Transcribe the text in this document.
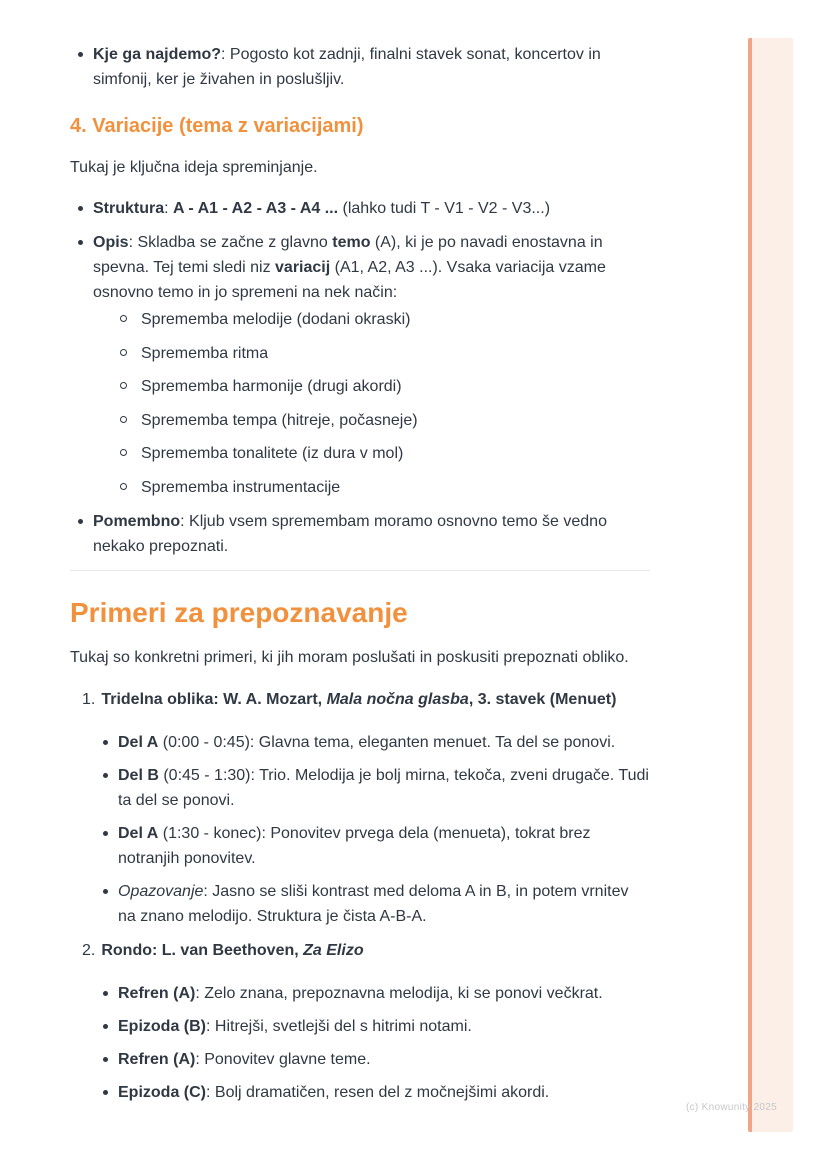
(c) Knowunity 2025
Kje ga najdemo?: Pogosto kot zadnji, finalni stavek sonat, koncertov in simfonij, ker je živahen in poslušljiv.
4. Variacije (tema z variacijami)

Tukaj je ključna ideja spreminjanje.

Struktura: A - A1 - A2 - A3 - A4 ... (lahko tudi T - V1 - V2 - V3...)
Opis: Skladba se začne z glavno temo (A), ki je po navadi enostavna in spevna. Tej temi sledi niz variacij (A1, A2, A3 ...). Vsaka variacija vzame osnovno temo in jo spremeni na nek način:
Sprememba melodije (dodani okraski)
Sprememba ritma
Sprememba harmonije (drugi akordi)
Sprememba tempa (hitreje, počasneje)
Sprememba tonalitete (iz dura v mol)
Sprememba instrumentacije
Pomembno: Kljub vsem spremembam moramo osnovno temo še vedno nekako prepoznati.
Primeri za prepoznavanje

Tukaj so konkretni primeri, ki jih moram poslušati in poskusiti prepoznati obliko.

1. Tridelna oblika: W. A. Mozart, Mala nočna glasba, 3. stavek (Menuet)
Del A (0:00 - 0:45): Glavna tema, eleganten menuet. Ta del se ponovi.
Del B (0:45 - 1:30): Trio. Melodija je bolj mirna, tekoča, zveni drugače. Tudi ta del se ponovi.
Del A (1:30 - konec): Ponovitev prvega dela (menueta), tokrat brez notranjih ponovitev.
Opazovanje: Jasno se sliši kontrast med deloma A in B, in potem vrnitev na znano melodijo. Struktura je čista A-B-A.
2. Rondo: L. van Beethoven, Za Elizo
Refren (A): Zelo znana, prepoznavna melodija, ki se ponovi večkrat.
Epizoda (B): Hitrejši, svetlejši del s hitrimi notami.
Refren (A): Ponovitev glavne teme.
Epizoda (C): Bolj dramatičen, resen del z močnejšimi akordi.
